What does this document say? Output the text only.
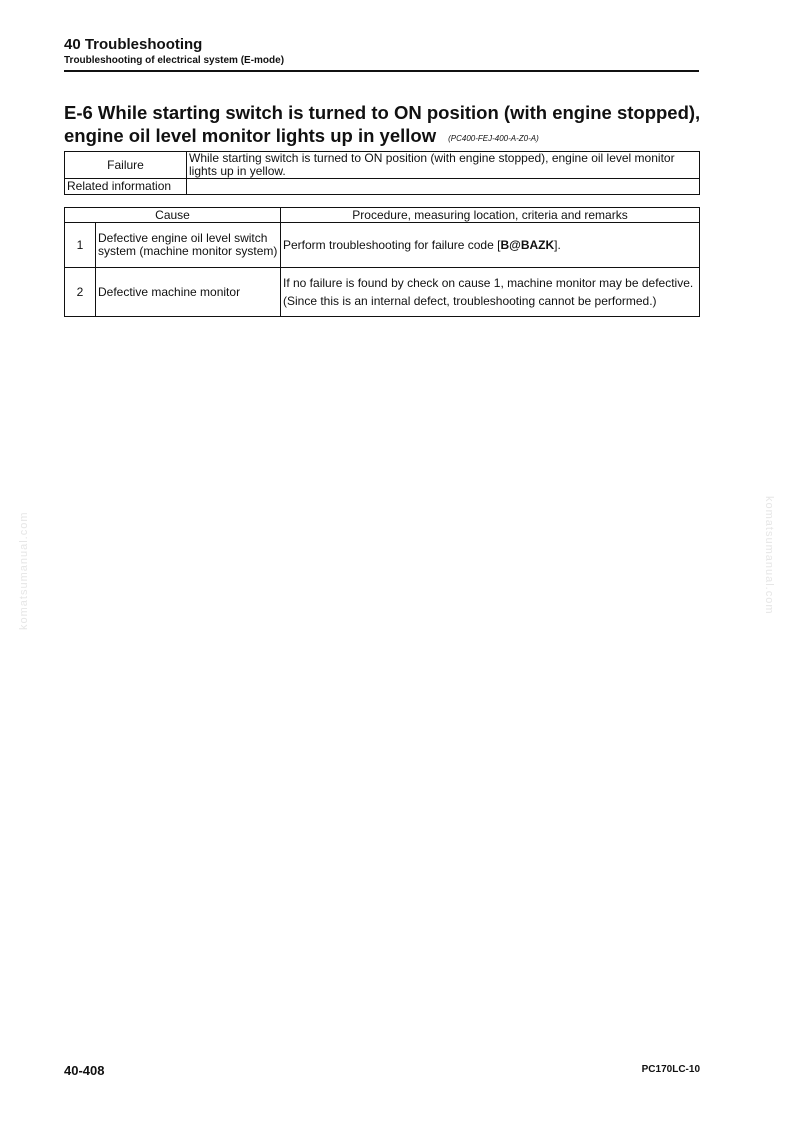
40 Troubleshooting
Troubleshooting of electrical system (E-mode)
E-6 While starting switch is turned to ON position (with engine stopped),
engine oil level monitor lights up in yellow (PC400-FEJ-400-A-Z0-A)
Failure	While starting switch is turned to ON position (with engine stopped), engine oil level monitor lights up in yellow.
Related information	
Cause		Procedure, measuring location, criteria and remarks
1	Defective engine oil level switch system (machine monitor system)	Perform troubleshooting for failure code [B@BAZK].
2	Defective machine monitor	If no failure is found by check on cause 1, machine monitor may be defective.
(Since this is an internal defect, troubleshooting cannot be performed.)
komatsumanual.com	komatsumanual.com
40-408	PC170LC-10
